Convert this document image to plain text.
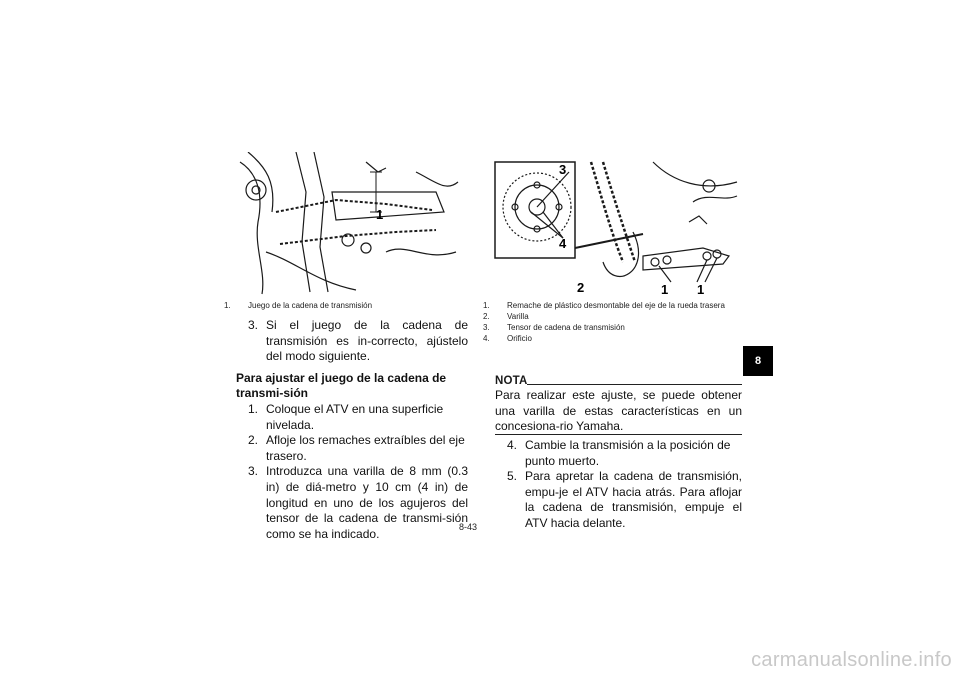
1
1. Juego de la cadena de transmisión
3. Si el juego de la cadena de transmisión es in-correcto, ajústelo del modo siguiente.
Para ajustar el juego de la cadena de transmi-sión
1. Coloque el ATV en una superficie nivelada.
2. Afloje los remaches extraíbles del eje trasero.
3. Introduzca una varilla de 8 mm (0.3 in) de diá-metro y 10 cm (4 in) de longitud en uno de los agujeros del tensor de la cadena de transmi-sión como se ha indicado.
3
4
2	1 1
1. Remache de plástico desmontable del eje de la rueda trasera
2. Varilla
3. Tensor de cadena de transmisión
4. Orificio
NOTA
Para realizar este ajuste, se puede obtener una varilla de estas características en un concesiona-rio Yamaha.
4. Cambie la transmisión a la posición de punto muerto.
5. Para apretar la cadena de transmisión, empu-je el ATV hacia atrás. Para aflojar la cadena de transmisión, empuje el ATV hacia delante.
8
8-43
carmanualsonline.info
